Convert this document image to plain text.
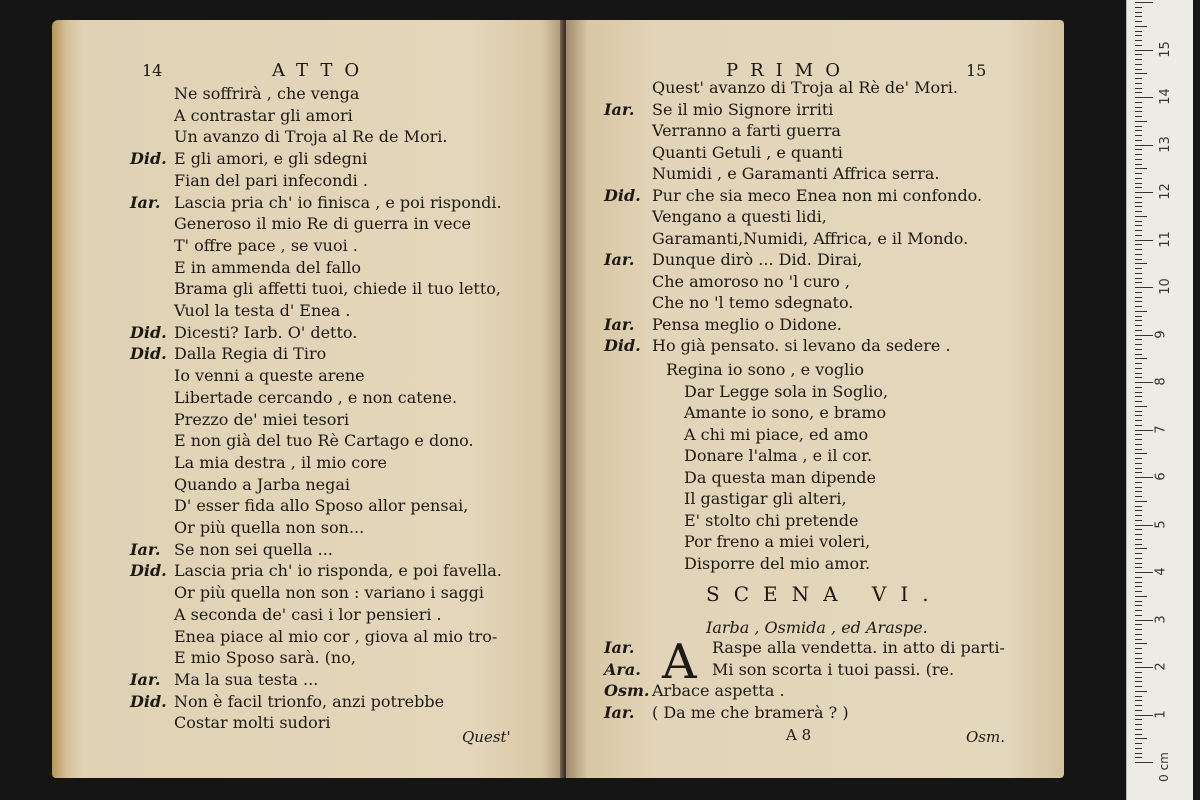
14	ATTO
Ne soffrirà , che venga
A contrastar gli amori
Un avanzo di Troja al Re de Mori.
Did. E gli amori, e gli sdegni
Fian del pari infecondi .
Iar. Lascia pria ch' io finisca , e poi rispondi.
Generoso il mio Re di guerra in vece
T' offre pace , se vuoi .
E in ammenda del fallo
Brama gli affetti tuoi, chiede il tuo letto,
Vuol la testa d' Enea .
Did. Dicesti? Iarb. O' detto.
Did. Dalla Regia di Tiro
Io venni a queste arene
Libertade cercando , e non catene.
Prezzo de' miei tesori
E non già del tuo Rè Cartago e dono.
La mia destra , il mio core
Quando a Jarba negai
D' esser fida allo Sposo allor pensai,
Or più quella non son...
Iar. Se non sei quella ...
Did. Lascia pria ch' io risponda, e poi favella.
Or più quella non son : variano i saggi
A seconda de' casi i lor pensieri .
Enea piace al mio cor , giova al mio tro-
E mio Sposo sarà. (no,
Iar. Ma la sua testa ...
Did. Non è facil trionfo, anzi potrebbe
Costar molti sudori
Quest'
PRIMO	15
Quest' avanzo di Troja al Rè de' Mori.
Iar. Se il mio Signore irriti
Verranno a farti guerra
Quanti Getuli , e quanti
Numidi , e Garamanti Affrica serra.
Did. Pur che sia meco Enea non mi confondo.
Vengano a questi lidi,
Garamanti,Numidi, Affrica, e il Mondo.
Iar. Dunque dirò ... Did. Dirai,
Che amoroso no 'l curo ,
Che no 'l temo sdegnato.
Iar. Pensa meglio o Didone.
Did. Ho già pensato. si levano da sedere .
Regina io sono , e voglio
Dar Legge sola in Soglio,
Amante io sono, e bramo
A chi mi piace, ed amo
Donare l'alma , e il cor.
Da questa man dipende
Il gastigar gli alteri,
E' stolto chi pretende
Por freno a miei voleri,
Disporre del mio amor.
SCENA VI.
Iarba , Osmida , ed Araspe.
A
Iar.	Raspe alla vendetta. in atto di parti-
Ara.	Mi son scorta i tuoi passi. (re.
Osm. Arbace aspetta .
Iar. ( Da me che bramerà ? )
A 8	Osm.
15
14
13
12
11
10
9
8
7
6
5
4
3
2
1
0 cm
